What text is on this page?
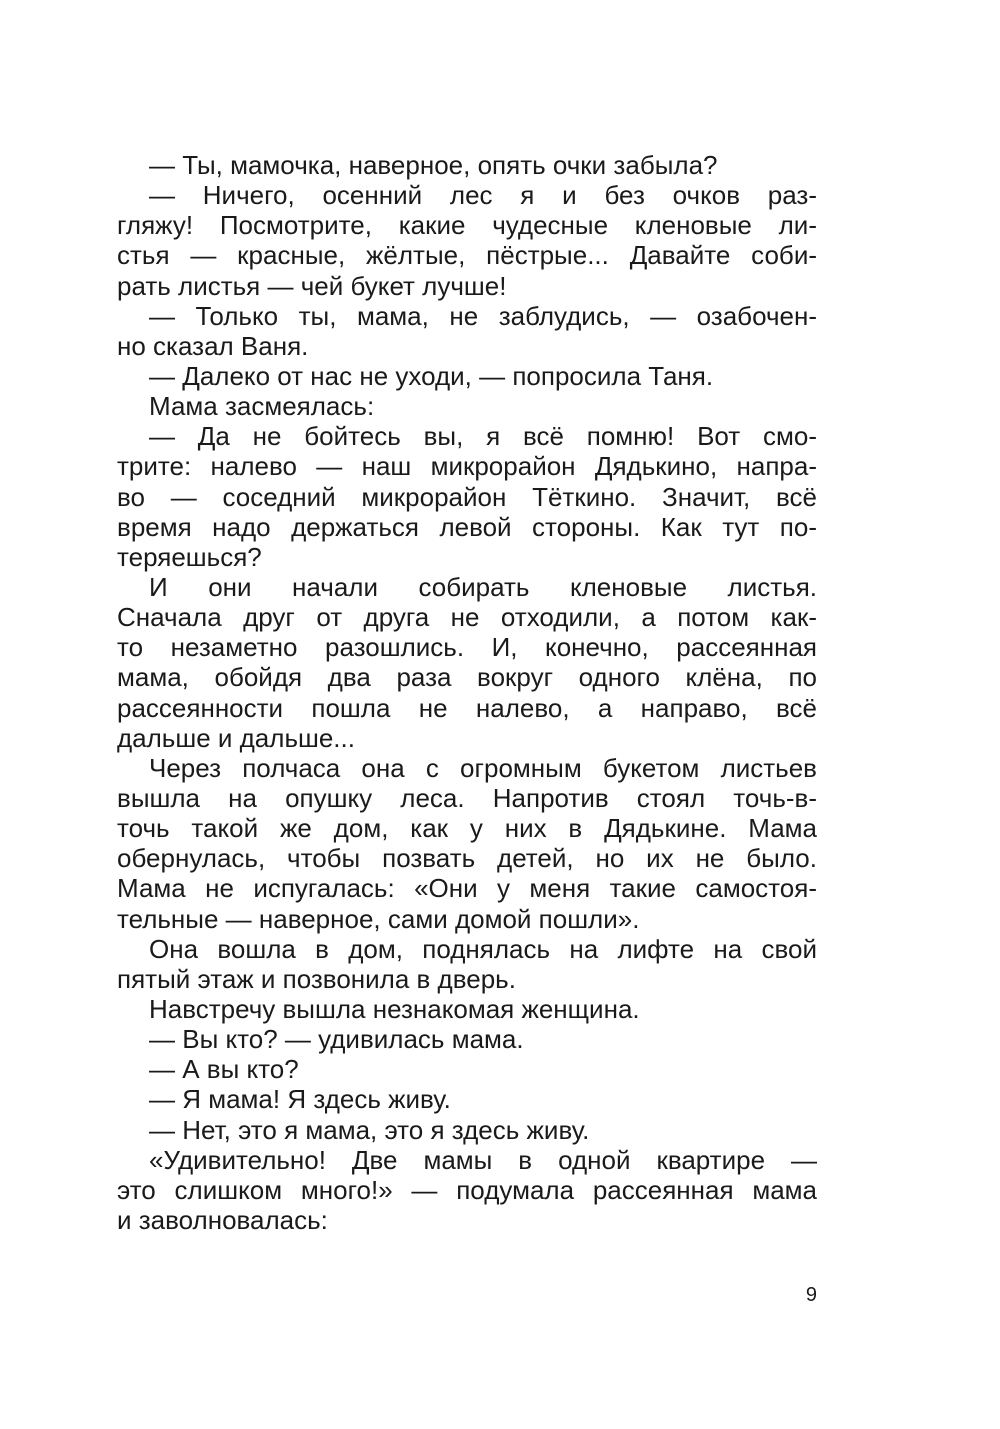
— Ты, мамочка, наверное, опять очки забыла?
— Ничего, осенний лес я и без очков раз-
гляжу! Посмотрите, какие чудесные кленовые ли-
стья — красные, жёлтые, пёстрые... Давайте соби-
рать листья — чей букет лучше!
— Только ты, мама, не заблудись, — озабочен-
но сказал Ваня.
— Далеко от нас не уходи, — попросила Таня.
Мама засмеялась:
— Да не бойтесь вы, я всё помню! Вот смо-
трите: налево — наш микрорайон Дядькино, напра-
во — соседний микрорайон Тёткино. Значит, всё
время надо держаться левой стороны. Как тут по-
теряешься?
И они начали собирать кленовые листья.
Сначала друг от друга не отходили, а потом как-
то незаметно разошлись. И, конечно, рассеянная
мама, обойдя два раза вокруг одного клёна, по
рассеянности пошла не налево, а направо, всё
дальше и дальше...
Через полчаса она с огромным букетом листьев
вышла на опушку леса. Напротив стоял точь-в-
точь такой же дом, как у них в Дядькине. Мама
обернулась, чтобы позвать детей, но их не было.
Мама не испугалась: «Они у меня такие самостоя-
тельные — наверное, сами домой пошли».
Она вошла в дом, поднялась на лифте на свой
пятый этаж и позвонила в дверь.
Навстречу вышла незнакомая женщина.
— Вы кто? — удивилась мама.
— А вы кто?
— Я мама! Я здесь живу.
— Нет, это я мама, это я здесь живу.
«Удивительно! Две мамы в одной квартире —
это слишком много!» — подумала рассеянная мама
и заволновалась:
9
